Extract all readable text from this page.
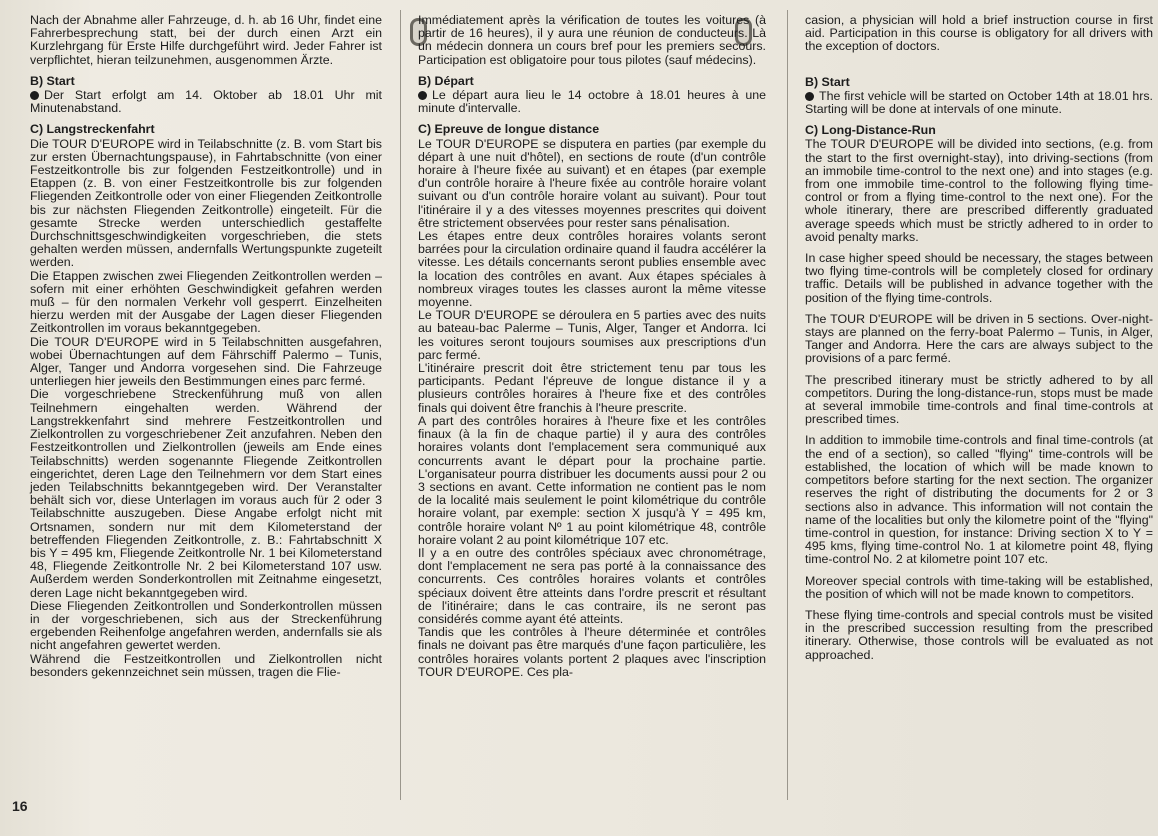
Nach der Abnahme aller Fahrzeuge, d. h. ab 16 Uhr, findet eine Fahrerbesprechung statt, bei der durch einen Arzt ein Kurzlehrgang für Erste Hilfe durchgeführt wird. Jeder Fahrer ist verpflichtet, hieran teilzunehmen, ausgenommen Ärzte.

B) Start

Der Start erfolgt am 14. Oktober ab 18.01 Uhr mit Minutenabstand.

C) Langstreckenfahrt

Die TOUR D'EUROPE wird in Teilabschnitte (z. B. vom Start bis zur ersten Übernachtungspause), in Fahrtabschnitte (von einer Festzeitkontrolle bis zur folgenden Festzeitkontrolle) und in Etappen (z. B. von einer Festzeitkontrolle bis zur folgenden Fliegenden Zeitkontrolle oder von einer Fliegenden Zeitkontrolle bis zur nächsten Fliegenden Zeitkontrolle) eingeteilt. Für die gesamte Strecke werden unterschiedlich gestaffelte Durchschnittsgeschwindigkeiten vorgeschrieben, die stets gehalten werden müssen, andernfalls Wertungspunkte zugeteilt werden.

Die Etappen zwischen zwei Fliegenden Zeitkontrollen werden – sofern mit einer erhöhten Geschwindigkeit gefahren werden muß – für den normalen Verkehr voll gesperrt. Einzelheiten hierzu werden mit der Ausgabe der Lagen dieser Fliegenden Zeitkontrollen im voraus bekanntgegeben.

Die TOUR D'EUROPE wird in 5 Teilabschnitten ausgefahren, wobei Übernachtungen auf dem Fährschiff Palermo – Tunis, Alger, Tanger und Andorra vorgesehen sind. Die Fahrzeuge unterliegen hier jeweils den Bestimmungen eines parc fermé.

Die vorgeschriebene Streckenführung muß von allen Teilnehmern eingehalten werden. Während der Langstrekkenfahrt sind mehrere Festzeitkontrollen und Zielkontrollen zu vorgeschriebener Zeit anzufahren. Neben den Festzeitkontrollen und Zielkontrollen (jeweils am Ende eines Teilabschnitts) werden sogenannte Fliegende Zeitkontrollen eingerichtet, deren Lage den Teilnehmern vor dem Start eines jeden Teilabschnitts bekanntgegeben wird. Der Veranstalter behält sich vor, diese Unterlagen im voraus auch für 2 oder 3 Teilabschnitte auszugeben. Diese Angabe erfolgt nicht mit Ortsnamen, sondern nur mit dem Kilometerstand der betreffenden Fliegenden Zeitkontrolle, z. B.: Fahrtabschnitt X bis Y = 495 km, Fliegende Zeitkontrolle Nr. 1 bei Kilometerstand 48, Fliegende Zeitkontrolle Nr. 2 bei Kilometerstand 107 usw. Außerdem werden Sonderkontrollen mit Zeitnahme eingesetzt, deren Lage nicht bekanntgegeben wird.

Diese Fliegenden Zeitkontrollen und Sonderkontrollen müssen in der vorgeschriebenen, sich aus der Streckenführung ergebenden Reihenfolge angefahren werden, andernfalls sie als nicht angefahren gewertet werden.

Während die Festzeitkontrollen und Zielkontrollen nicht besonders gekennzeichnet sein müssen, tragen die Flie-

Immédiatement après la vérification de toutes les voitures (à partir de 16 heures), il y aura une réunion de conducteurs. Là un médecin donnera un cours bref pour les premiers secours. Participation est obligatoire pour tous pilotes (sauf médecins).

B) Départ

Le départ aura lieu le 14 octobre à 18.01 heures à une minute d'intervalle.

C) Epreuve de longue distance

Le TOUR D'EUROPE se disputera en parties (par exemple du départ à une nuit d'hôtel), en sections de route (d'un contrôle horaire à l'heure fixée au suivant) et en étapes (par exemple d'un contrôle horaire à l'heure fixée au contrôle horaire volant suivant ou d'un contrôle horaire volant au suivant). Pour tout l'itinéraire il y a des vitesses moyennes prescrites qui doivent être strictement observées pour rester sans pénalisation.

Les étapes entre deux contrôles horaires volants seront barrées pour la circulation ordinaire quand il faudra accélérer la vitesse. Les détails concernants seront publies ensemble avec la location des contrôles en avant. Aux étapes spéciales à nombreux virages toutes les classes auront la même vitesse moyenne.

Le TOUR D'EUROPE se déroulera en 5 parties avec des nuits au bateau-bac Palerme – Tunis, Alger, Tanger et Andorra. Ici les voitures seront toujours soumises aux prescriptions d'un parc fermé.

L'itinéraire prescrit doit être strictement tenu par tous les participants. Pedant l'épreuve de longue distance il y a plusieurs contrôles horaires à l'heure fixe et des contrôles finals qui doivent être franchis à l'heure prescrite.

A part des contrôles horaires à l'heure fixe et les contrôles finaux (à la fin de chaque partie) il y aura des contrôles horaires volants dont l'emplacement sera communiqué aux concurrents avant le départ pour la prochaine partie. L'organisateur pourra distribuer les documents aussi pour 2 ou 3 sections en avant. Cette information ne contient pas le nom de la localité mais seulement le point kilométrique du contrôle horaire volant, par exemple: section X jusqu'à Y = 495 km, contrôle horaire volant Nº 1 au point kilométrique 48, contrôle horaire volant 2 au point kilométrique 107 etc.

Il y a en outre des contrôles spéciaux avec chronométrage, dont l'emplacement ne sera pas porté à la connaissance des concurrents. Ces contrôles horaires volants et contrôles spéciaux doivent être atteints dans l'ordre prescrit et résultant de l'itinéraire; dans le cas contraire, ils ne seront pas considérés comme ayant été atteints.

Tandis que les contrôles à l'heure déterminée et contrôles finals ne doivant pas être marqués d'une façon particulière, les contrôles horaires volants portent 2 plaques avec l'inscription TOUR D'EUROPE. Ces pla-

casion, a physician will hold a brief instruction course in first aid. Participation in this course is obligatory for all drivers with the exception of doctors.

B) Start

The first vehicle will be started on October 14th at 18.01 hrs. Starting will be done at intervals of one minute.

C) Long-Distance-Run

The TOUR D'EUROPE will be divided into sections, (e.g. from the start to the first overnight-stay), into driving-sections (from an immobile time-control to the next one) and into stages (e.g. from one immobile time-control to the following flying time-control or from a flying time-control to the next one). For the whole itinerary, there are prescribed differently graduated average speeds which must be strictly adhered to in order to avoid penalty marks.

In case higher speed should be necessary, the stages between two flying time-controls will be completely closed for ordinary traffic. Details will be published in advance together with the position of the flying time-controls.

The TOUR D'EUROPE will be driven in 5 sections. Over-night-stays are planned on the ferry-boat Palermo – Tunis, in Alger, Tanger and Andorra. Here the cars are always subject to the provisions of a parc fermé.

The prescribed itinerary must be strictly adhered to by all competitors. During the long-distance-run, stops must be made at several immobile time-controls and final time-controls at prescribed times.

In addition to immobile time-controls and final time-controls (at the end of a section), so called "flying" time-controls will be established, the location of which will be made known to competitors before starting for the next section. The organizer reserves the right of distributing the documents for 2 or 3 sections also in advance. This information will not contain the name of the localities but only the kilometre point of the "flying" time-control in question, for instance: Driving section X to Y = 495 kms, flying time-control No. 1 at kilometre point 48, flying time-control No. 2 at kilometre point 107 etc.

Moreover special controls with time-taking will be established, the position of which will not be made known to competitors.

These flying time-controls and special controls must be visited in the prescribed succession resulting from the prescribed itinerary. Otherwise, those controls will be evaluated as not approached.

16
